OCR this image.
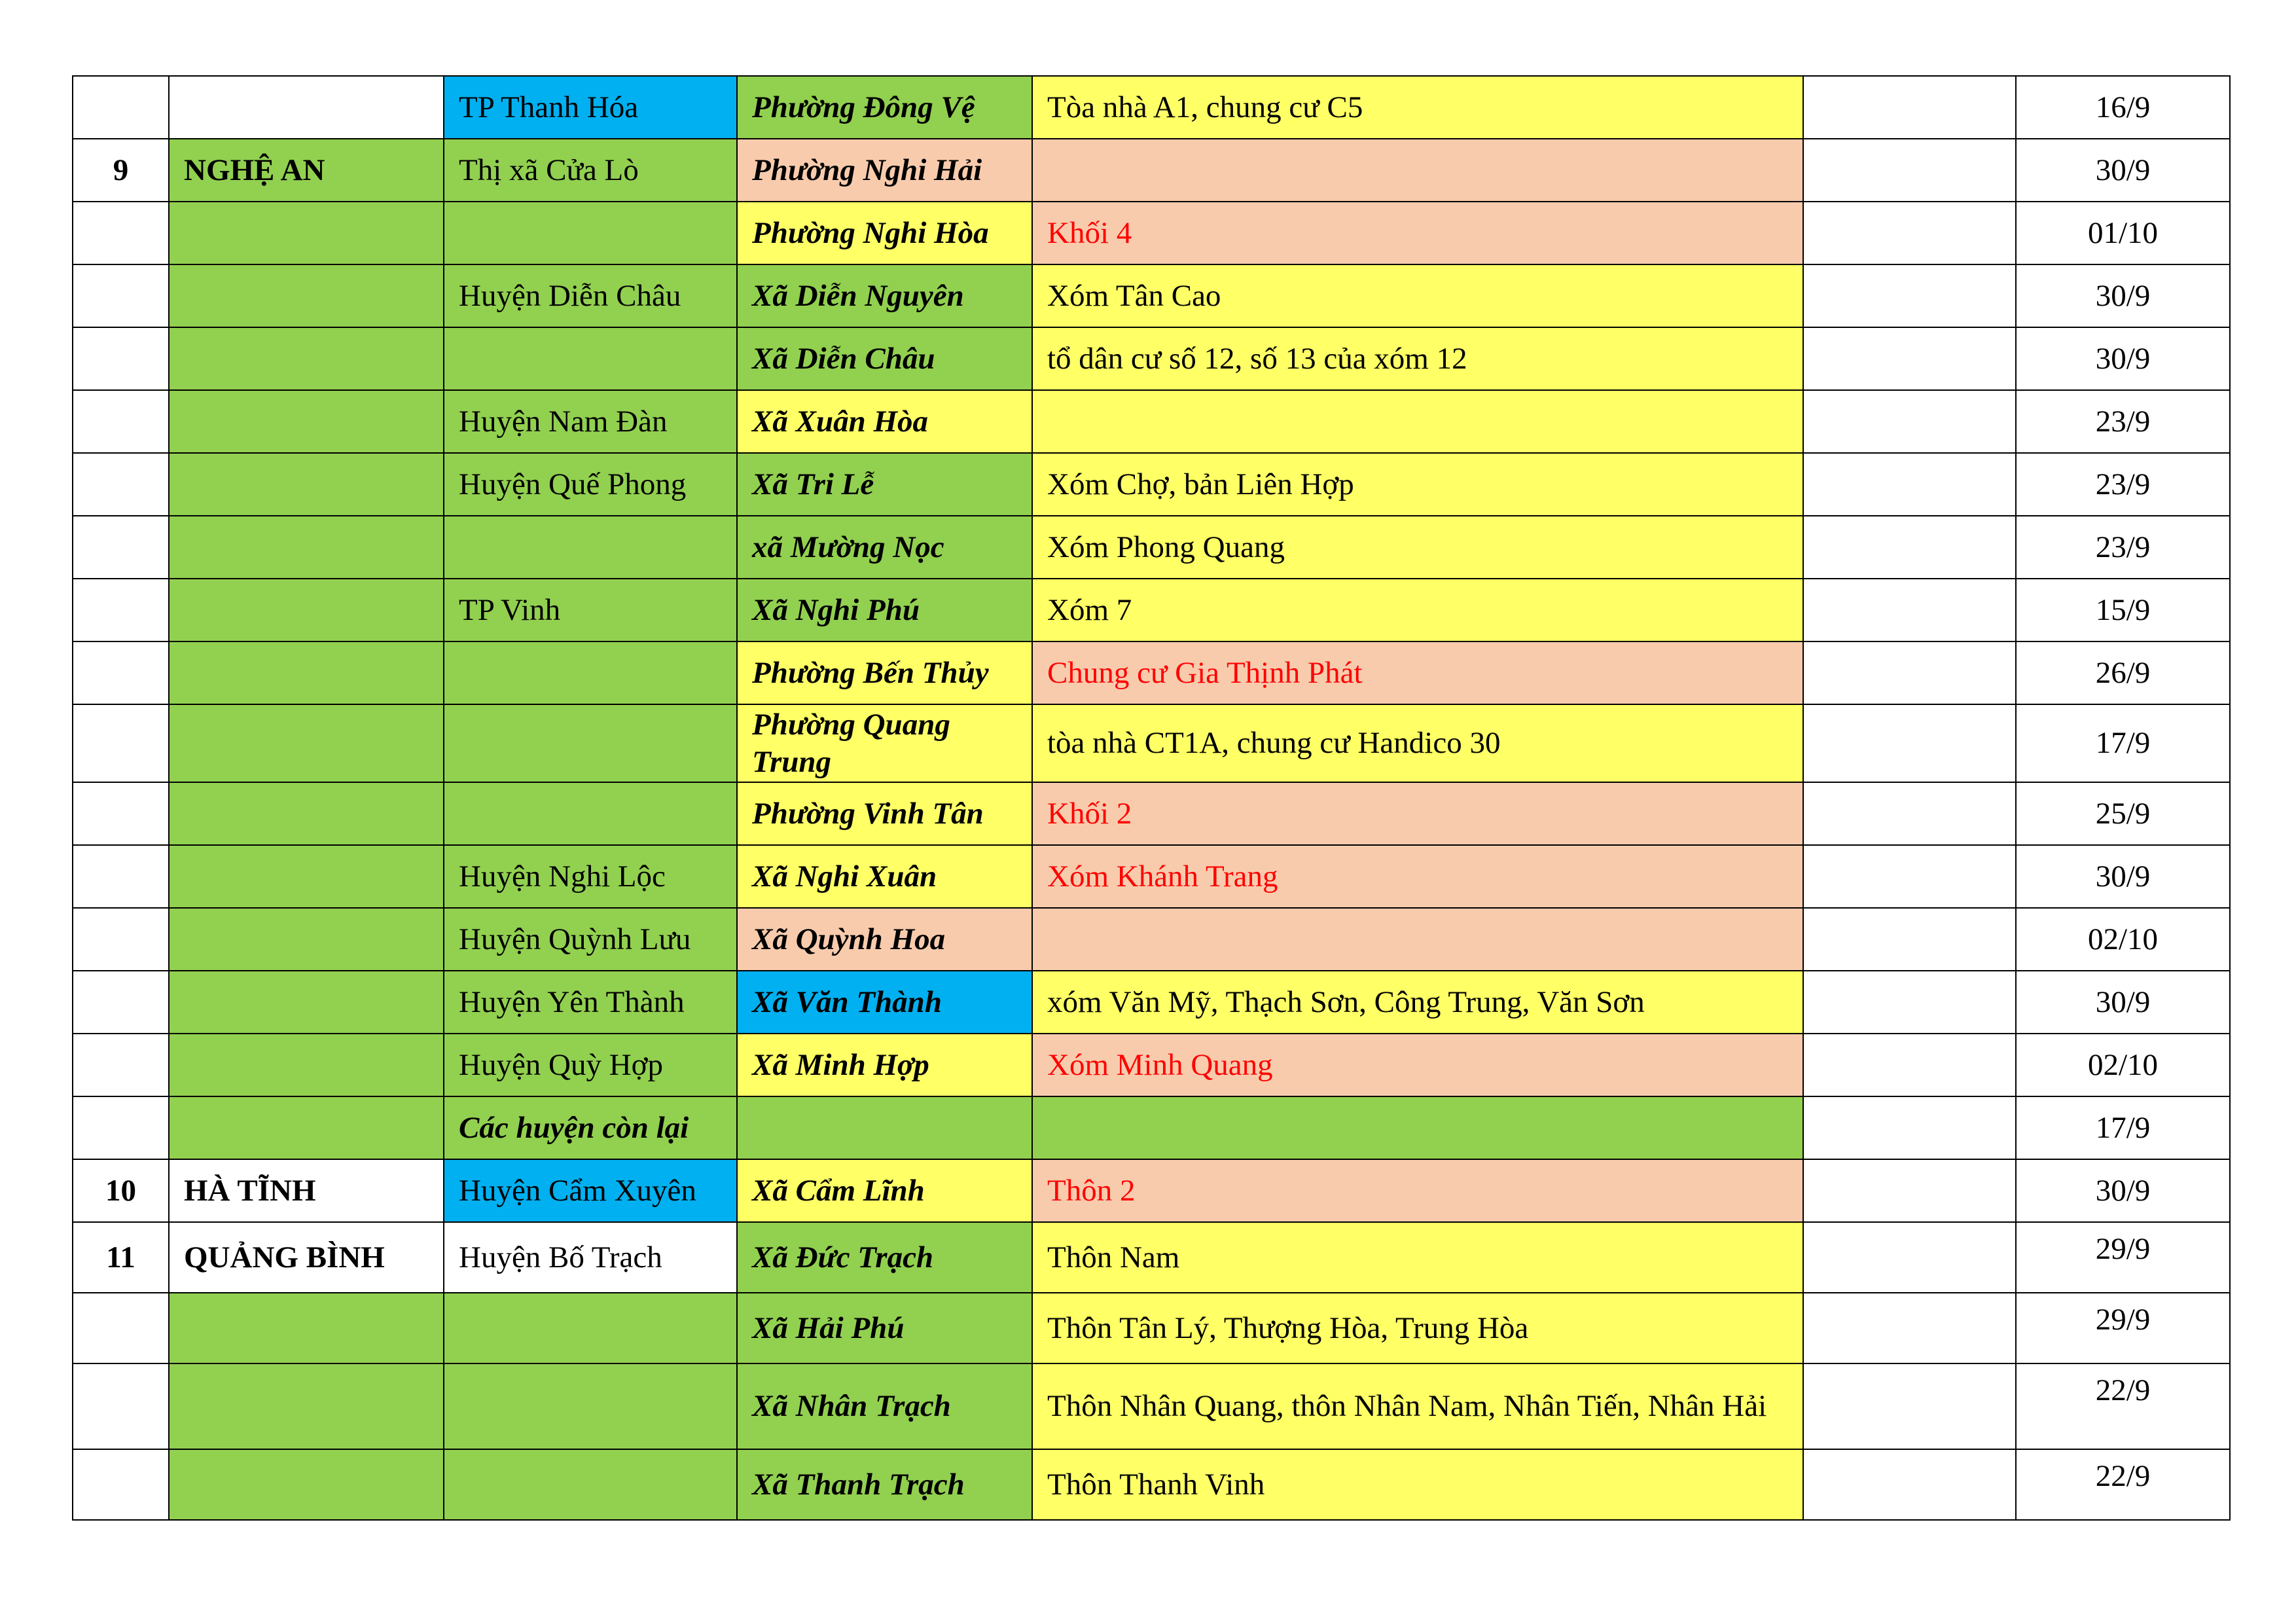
		TP Thanh Hóa	Phường Đông Vệ	Tòa nhà A1, chung cư C5		16/9
9	NGHỆ AN	Thị xã Cửa Lò	Phường Nghi Hải			30/9
			Phường Nghi Hòa	Khối 4		01/10
		Huyện Diễn Châu	Xã Diễn Nguyên	Xóm Tân Cao		30/9
			Xã Diễn Châu	tổ dân cư số 12, số 13 của xóm 12		30/9
		Huyện Nam Đàn	Xã Xuân Hòa			23/9
		Huyện Quế Phong	Xã Tri Lễ	Xóm Chợ, bản Liên Hợp		23/9
			xã Mường Nọc	Xóm Phong Quang		23/9
		TP Vinh	Xã Nghi Phú	Xóm 7		15/9
			Phường Bến Thủy	Chung cư Gia Thịnh Phát		26/9
			Phường Quang Trung	tòa nhà CT1A, chung cư Handico 30		17/9
			Phường Vinh Tân	Khối 2		25/9
		Huyện Nghi Lộc	Xã Nghi Xuân	Xóm Khánh Trang		30/9
		Huyện Quỳnh Lưu	Xã Quỳnh Hoa			02/10
		Huyện Yên Thành	Xã Văn Thành	xóm Văn Mỹ, Thạch Sơn, Công Trung, Văn Sơn		30/9
		Huyện Quỳ Hợp	Xã Minh Hợp	Xóm Minh Quang		02/10
		Các huyện còn lại				17/9
10	HÀ TĨNH	Huyện Cẩm Xuyên	Xã Cẩm Lĩnh	Thôn 2		30/9
11	QUẢNG BÌNH	Huyện Bố Trạch	Xã Đức Trạch	Thôn Nam		29/9
			Xã Hải Phú	Thôn Tân Lý, Thượng Hòa, Trung Hòa		29/9
			Xã Nhân Trạch	Thôn Nhân Quang, thôn Nhân Nam, Nhân Tiến, Nhân Hải		22/9
			Xã Thanh Trạch	Thôn Thanh Vinh		22/9
